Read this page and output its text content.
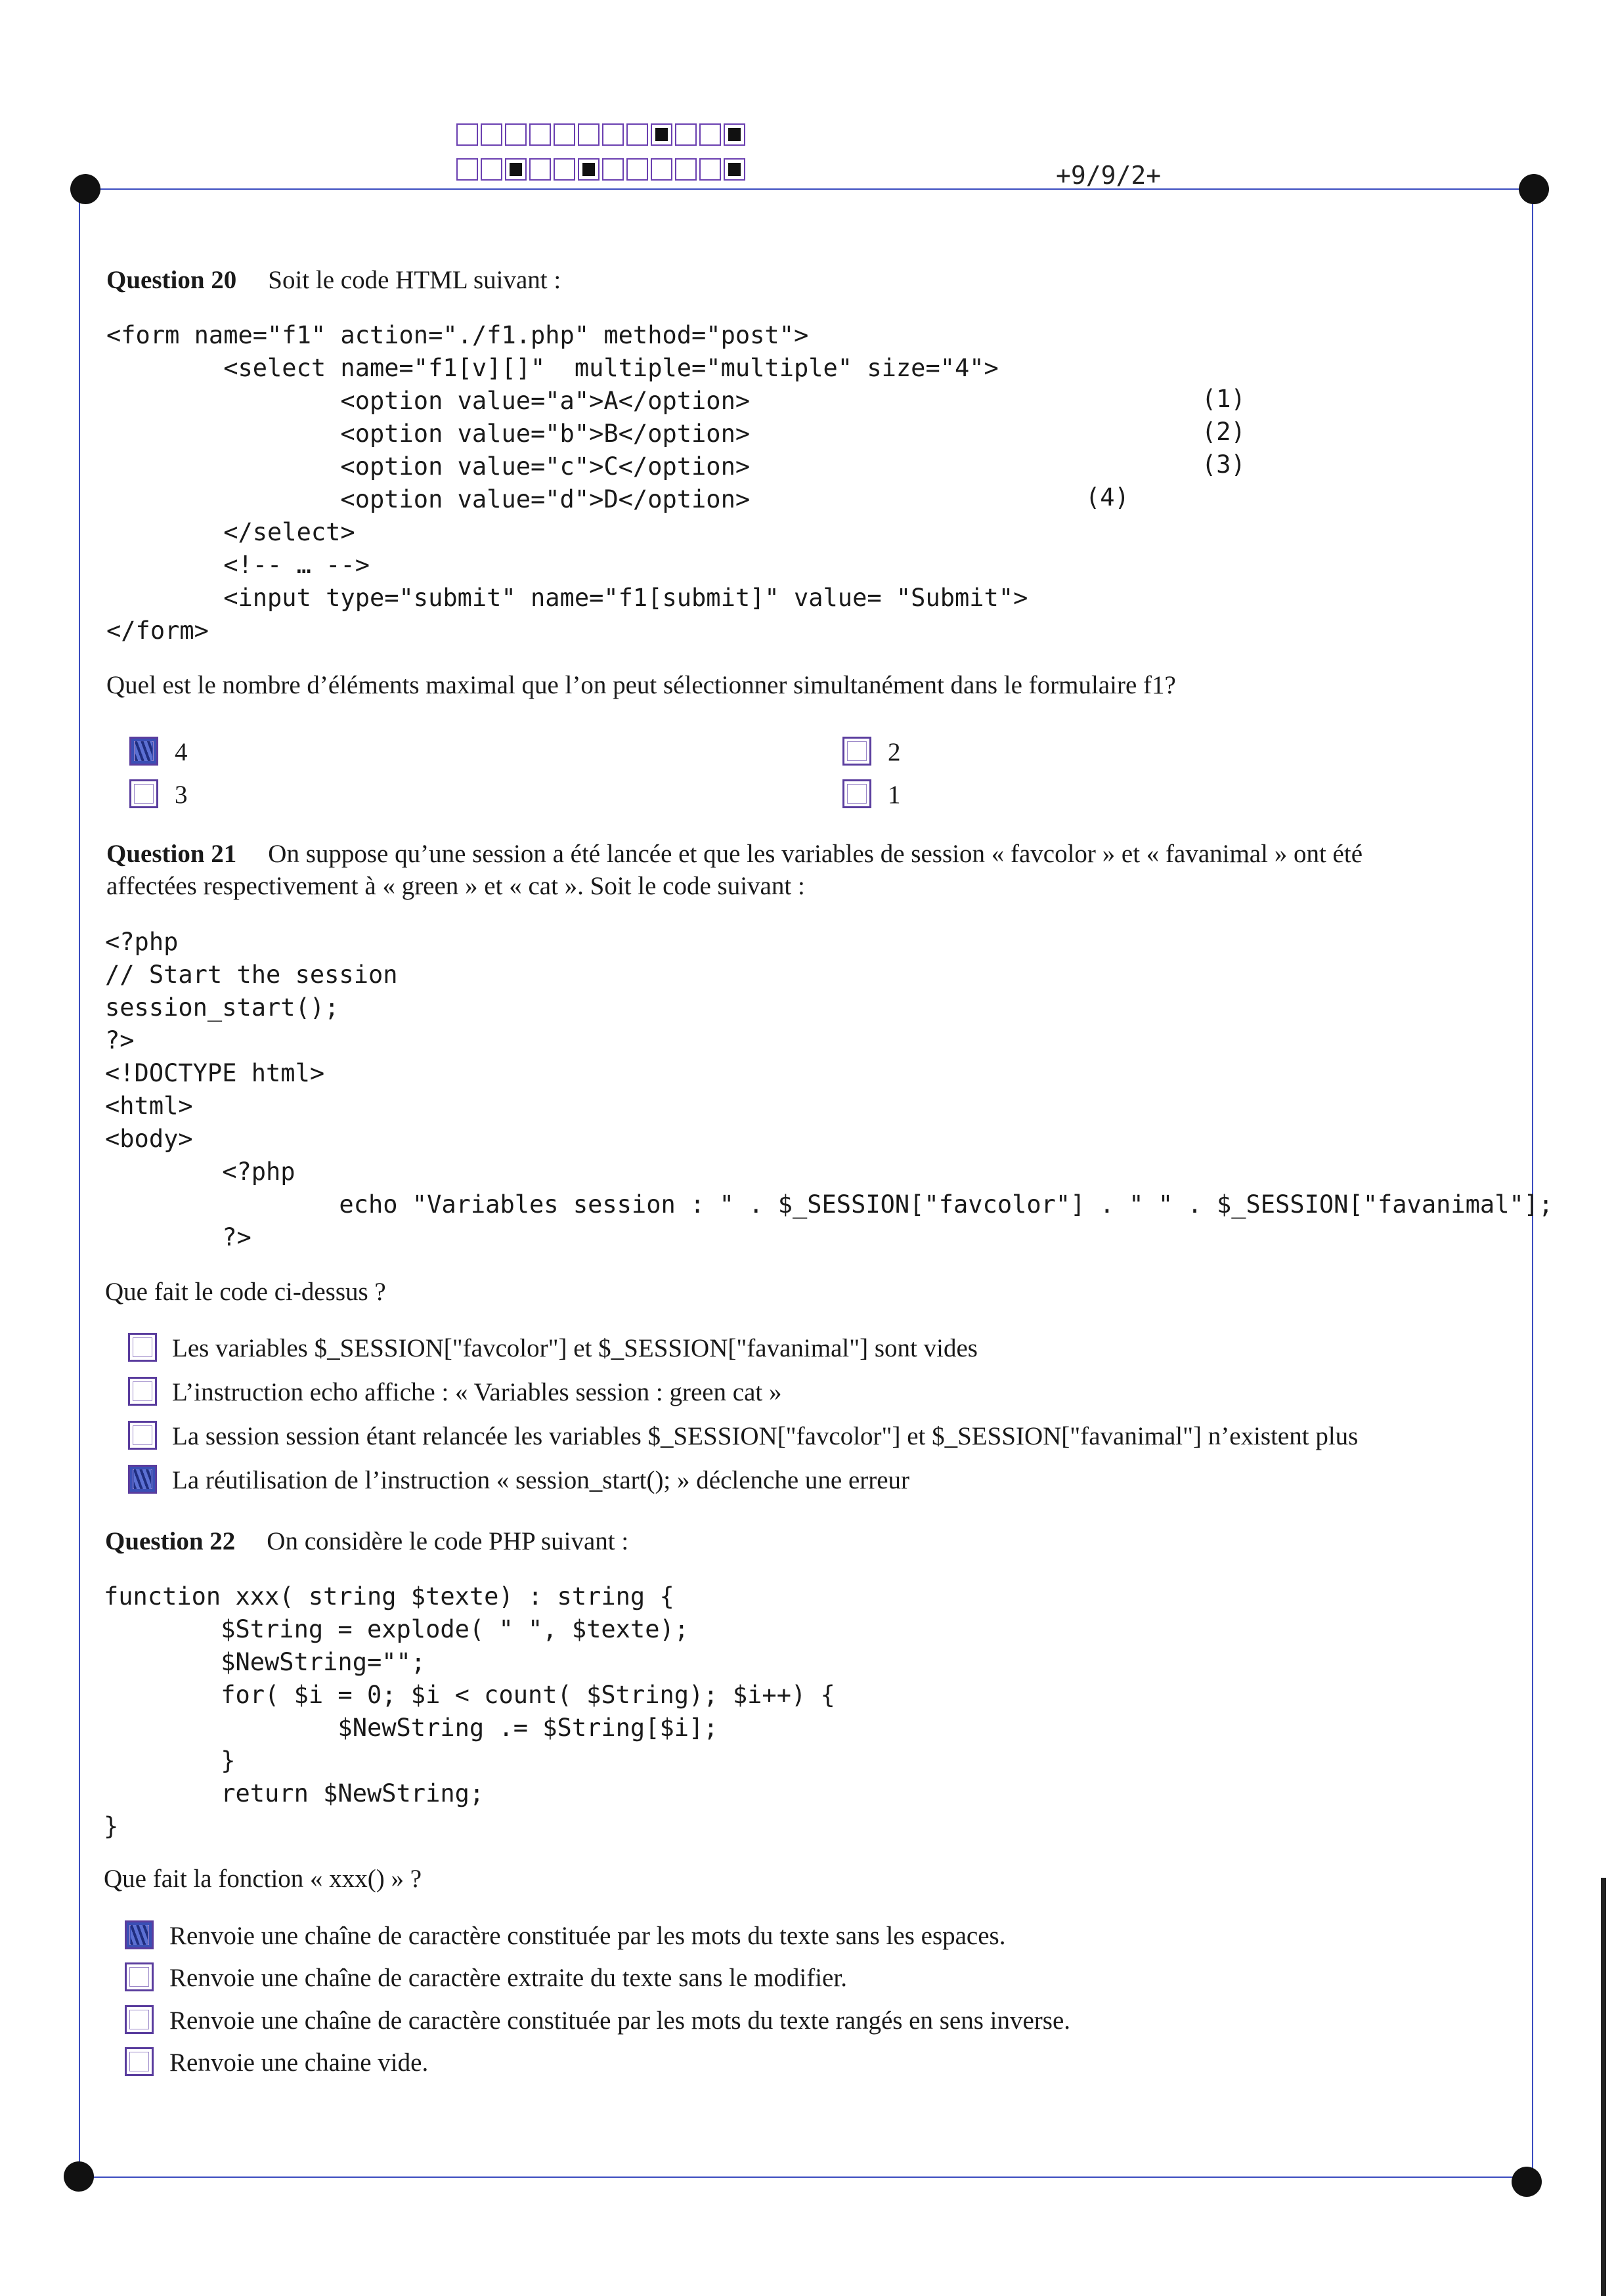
+9/9/2+
Question 20 Soit le code HTML suivant :
<form name="f1" action="./f1.php" method="post">
<select name="f1[v][]"  multiple="multiple" size="4">
<option value="a">A</option>
<option value="b">B</option>
<option value="c">C</option>
<option value="d">D</option>
</select>
<!-- … -->
<input type="submit" name="f1[submit]" value= "Submit">
</form>
(1)
(2)
(3)
(4)
Quel est le nombre d’éléments maximal que l’on peut sélectionner simultanément dans le formulaire f1?
4	2
3	1
Question 21 On suppose qu’une session a été lancée et que les variables de session « favcolor » et « favanimal » ont été
affectées respectivement à « green » et « cat ». Soit le code suivant :
<?php
// Start the session
session_start();
?>
<!DOCTYPE html>
<html>
<body>
<?php
echo "Variables session : " . $_SESSION["favcolor"] . " " . $_SESSION["favanimal"];
?>
Que fait le code ci-dessus ?
Les variables $_SESSION["favcolor"] et $_SESSION["favanimal"] sont vides
L’instruction echo affiche : « Variables session : green cat »
La session session étant relancée les variables $_SESSION["favcolor"] et $_SESSION["favanimal"] n’existent plus
La réutilisation de l’instruction « session_start(); » déclenche une erreur
Question 22 On considère le code PHP suivant :
function xxx( string $texte) : string {
$String = explode( " ", $texte);
$NewString="";
for( $i = 0; $i < count( $String); $i++) {
$NewString .= $String[$i];
}
return $NewString;
}
Que fait la fonction « xxx() » ?
Renvoie une chaîne de caractère constituée par les mots du texte sans les espaces.
Renvoie une chaîne de caractère extraite du texte sans le modifier.
Renvoie une chaîne de caractère constituée par les mots du texte rangés en sens inverse.
Renvoie une chaine vide.
